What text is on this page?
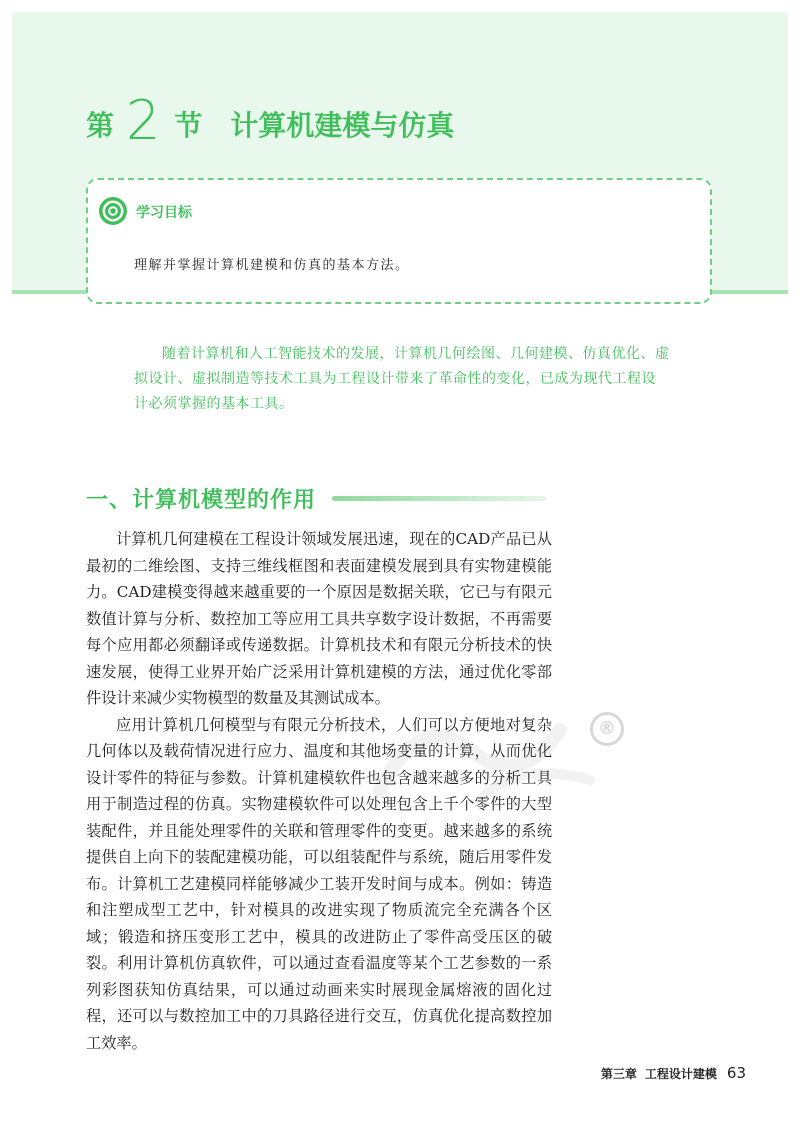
第 2 节 计算机建模与仿真
学习目标
理解并掌握计算机建模和仿真的基本方法。
随着计算机和人工智能技术的发展，计算机几何绘图、几何建模、仿真优化、虚拟设计、虚拟制造等技术工具为工程设计带来了革命性的变化，已成为现代工程设计必须掌握的基本工具。
一、计算机模型的作用
®

计算机几何建模在工程设计领域发展迅速，现在的CAD产品已从最初的二维绘图、支持三维线框图和表面建模发展到具有实物建模能力。CAD建模变得越来越重要的一个原因是数据关联，它已与有限元数值计算与分析、数控加工等应用工具共享数字设计数据，不再需要每个应用都必须翻译或传递数据。计算机技术和有限元分析技术的快速发展，使得工业界开始广泛采用计算机建模的方法，通过优化零部件设计来减少实物模型的数量及其测试成本。

应用计算机几何模型与有限元分析技术，人们可以方便地对复杂几何体以及载荷情况进行应力、温度和其他场变量的计算，从而优化设计零件的特征与参数。计算机建模软件也包含越来越多的分析工具用于制造过程的仿真。实物建模软件可以处理包含上千个零件的大型装配件，并且能处理零件的关联和管理零件的变更。越来越多的系统提供自上向下的装配建模功能，可以组装配件与系统，随后用零件发布。计算机工艺建模同样能够减少工装开发时间与成本。例如：铸造和注塑成型工艺中，针对模具的改进实现了物质流完全充满各个区域；锻造和挤压变形工艺中，模具的改进防止了零件高受压区的破裂。利用计算机仿真软件，可以通过查看温度等某个工艺参数的一系列彩图获知仿真结果，可以通过动画来实时展现金属熔液的固化过程，还可以与数控加工中的刀具路径进行交互，仿真优化提高数控加工效率。

第三章 工程设计建模 63
